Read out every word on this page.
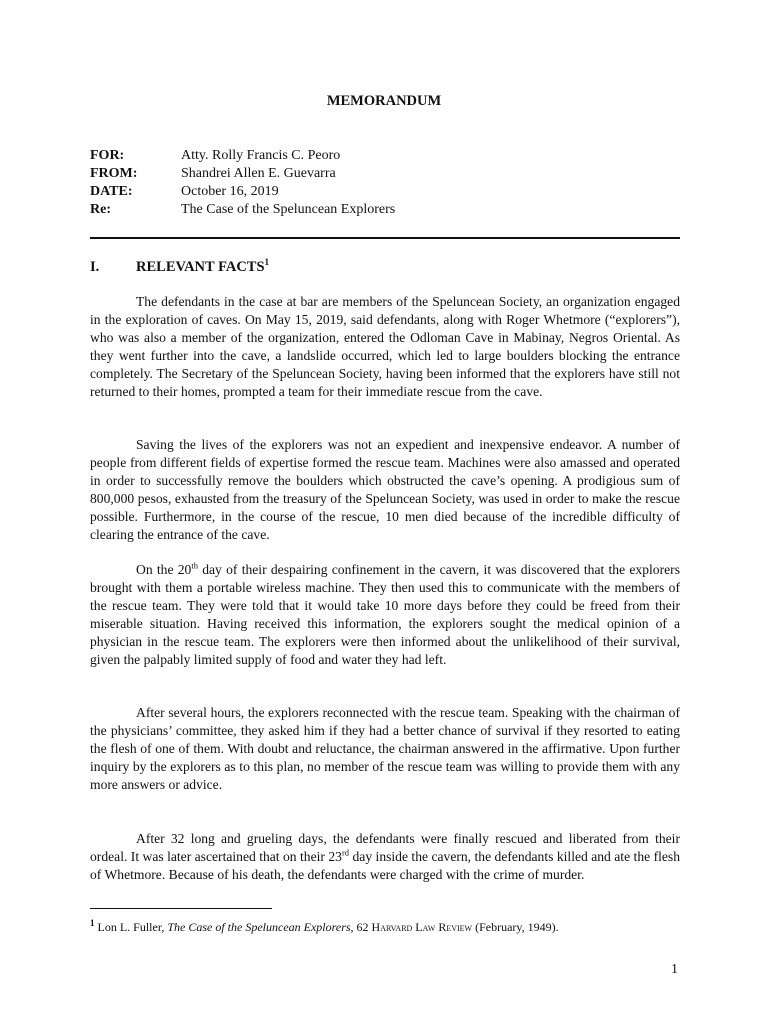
MEMORANDUM
FOR:	Atty. Rolly Francis C. Peoro
FROM:	Shandrei Allen E. Guevarra
DATE:	October 16, 2019
Re:	The Case of the Speluncean Explorers
I.	RELEVANT FACTS$^1$

The defendants in the case at bar are members of the Speluncean Society, an organization engaged in the exploration of caves. On May 15, 2019, said defendants, along with Roger Whetmore (“explorers”), who was also a member of the organization, entered the Odloman Cave in Mabinay, Negros Oriental. As they went further into the cave, a landslide occurred, which led to large boulders blocking the entrance completely. The Secretary of the Speluncean Society, having been informed that the explorers have still not returned to their homes, prompted a team for their immediate rescue from the cave.

Saving the lives of the explorers was not an expedient and inexpensive endeavor. A number of people from different fields of expertise formed the rescue team. Machines were also amassed and operated in order to successfully remove the boulders which obstructed the cave’s opening. A prodigious sum of 800,000 pesos, exhausted from the treasury of the Speluncean Society, was used in order to make the rescue possible. Furthermore, in the course of the rescue, 10 men died because of the incredible difficulty of clearing the entrance of the cave.

On the 20th day of their despairing confinement in the cavern, it was discovered that the explorers brought with them a portable wireless machine. They then used this to communicate with the members of the rescue team. They were told that it would take 10 more days before they could be freed from their miserable situation. Having received this information, the explorers sought the medical opinion of a physician in the rescue team. The explorers were then informed about the unlikelihood of their survival, given the palpably limited supply of food and water they had left.

After several hours, the explorers reconnected with the rescue team. Speaking with the chairman of the physicians’ committee, they asked him if they had a better chance of survival if they resorted to eating the flesh of one of them. With doubt and reluctance, the chairman answered in the affirmative. Upon further inquiry by the explorers as to this plan, no member of the rescue team was willing to provide them with any more answers or advice.

After 32 long and grueling days, the defendants were finally rescued and liberated from their ordeal. It was later ascertained that on their 23rd day inside the cavern, the defendants killed and ate the flesh of Whetmore. Because of his death, the defendants were charged with the crime of murder.

$^1$ Lon L. Fuller, The Case of the Speluncean Explorers, 62 Harvard Law Review (February, 1949).
1
